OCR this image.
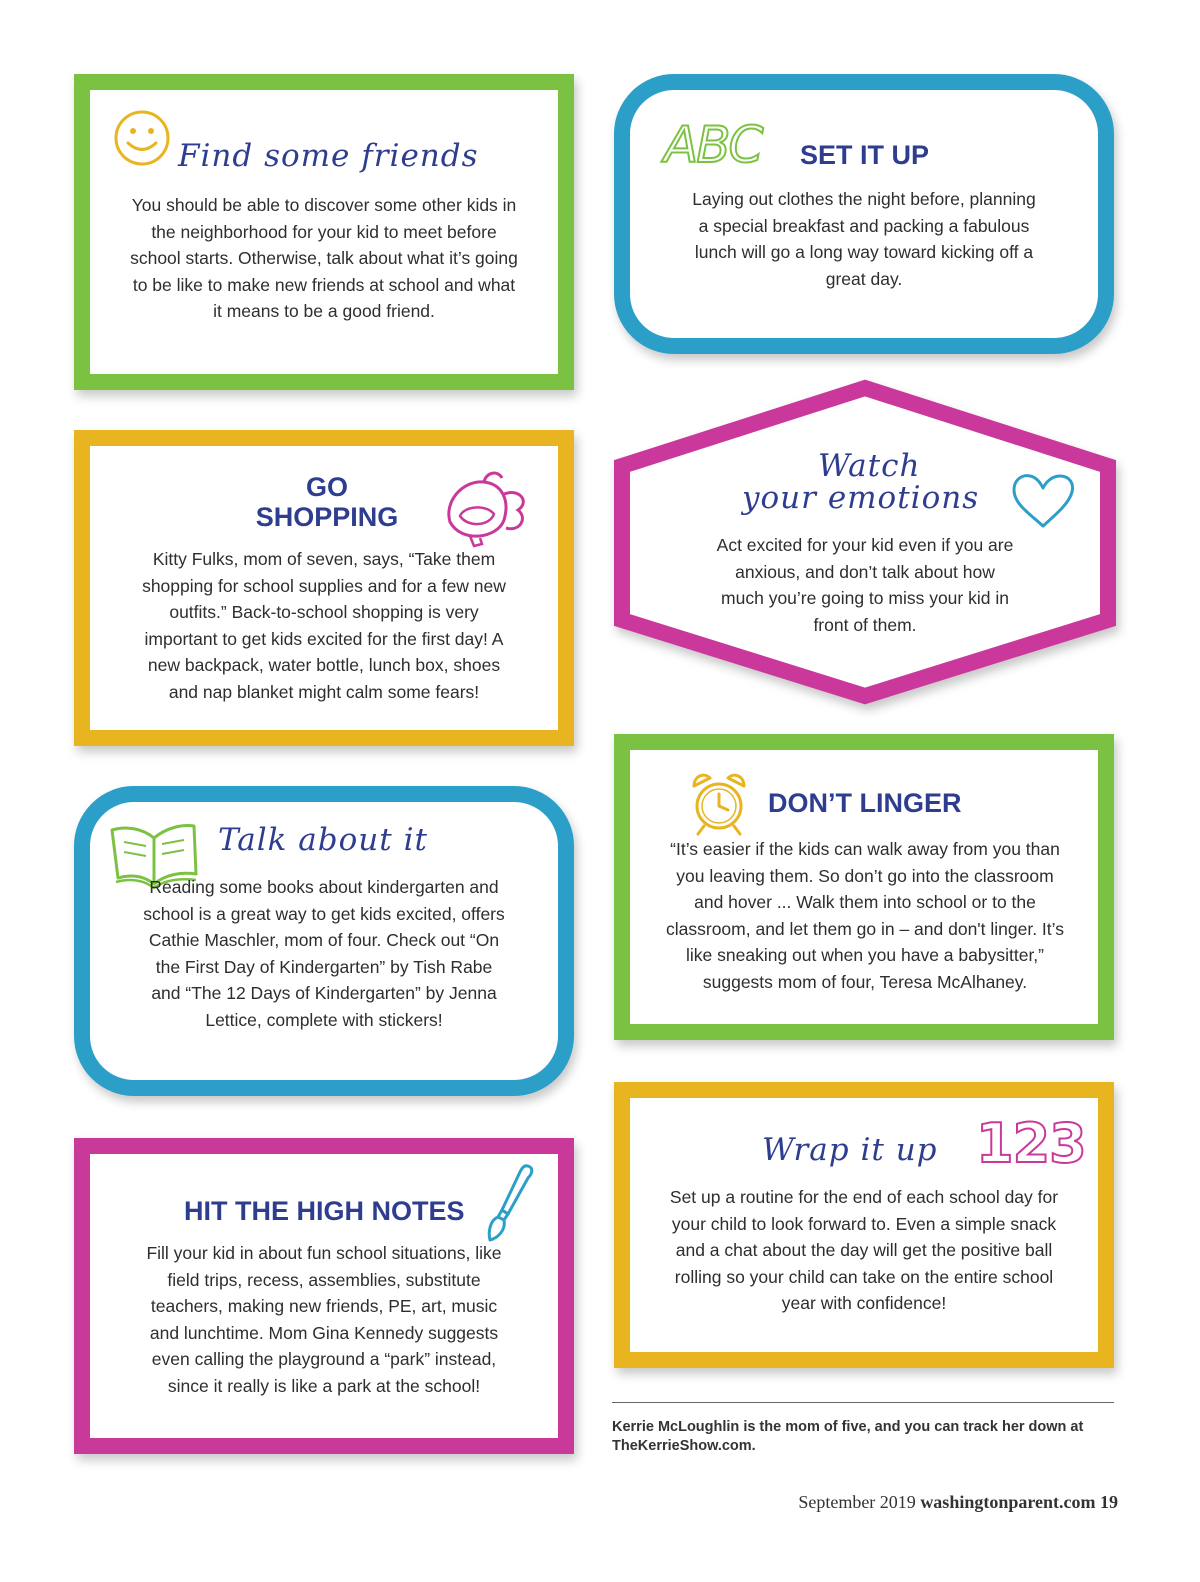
Find some friends
You should be able to discover some other kids in the neighborhood for your kid to meet before school starts. Otherwise, talk about what it’s going to be like to make new friends at school and what it means to be a good friend.
ABC SET IT UP
Laying out clothes the night before, planning a special breakfast and packing a fabulous lunch will go a long way toward kicking off a great day.
GO
SHOPPING
Kitty Fulks, mom of seven, says, “Take them shopping for school supplies and for a few new outfits.” Back-to-school shopping is very important to get kids excited for the first day! A new backpack, water bottle, lunch box, shoes and nap blanket might calm some fears!
Watch
your emotions
Act excited for your kid even if you are anxious, and don’t talk about how much you’re going to miss your kid in front of them.
Talk about it
Reading some books about kindergarten and school is a great way to get kids excited, offers Cathie Maschler, mom of four. Check out “On the First Day of Kindergarten” by Tish Rabe and “The 12 Days of Kindergarten” by Jenna Lettice, complete with stickers!
DON’T LINGER
“It’s easier if the kids can walk away from you than you leaving them. So don’t go into the classroom and hover ... Walk them into school or to the classroom, and let them go in – and don't linger. It’s like sneaking out when you have a babysitter,” suggests mom of four, Teresa McAlhaney.
HIT THE HIGH NOTES
Fill your kid in about fun school situations, like field trips, recess, assemblies, substitute teachers, making new friends, PE, art, music and lunchtime. Mom Gina Kennedy suggests even calling the playground a “park” instead, since it really is like a park at the school!
Wrap it up 123
Set up a routine for the end of each school day for your child to look forward to. Even a simple snack and a chat about the day will get the positive ball rolling so your child can take on the entire school year with confidence!
Kerrie McLoughlin is the mom of five, and you can track her down at TheKerrieShow.com.
September 2019 washingtonparent.com 19
